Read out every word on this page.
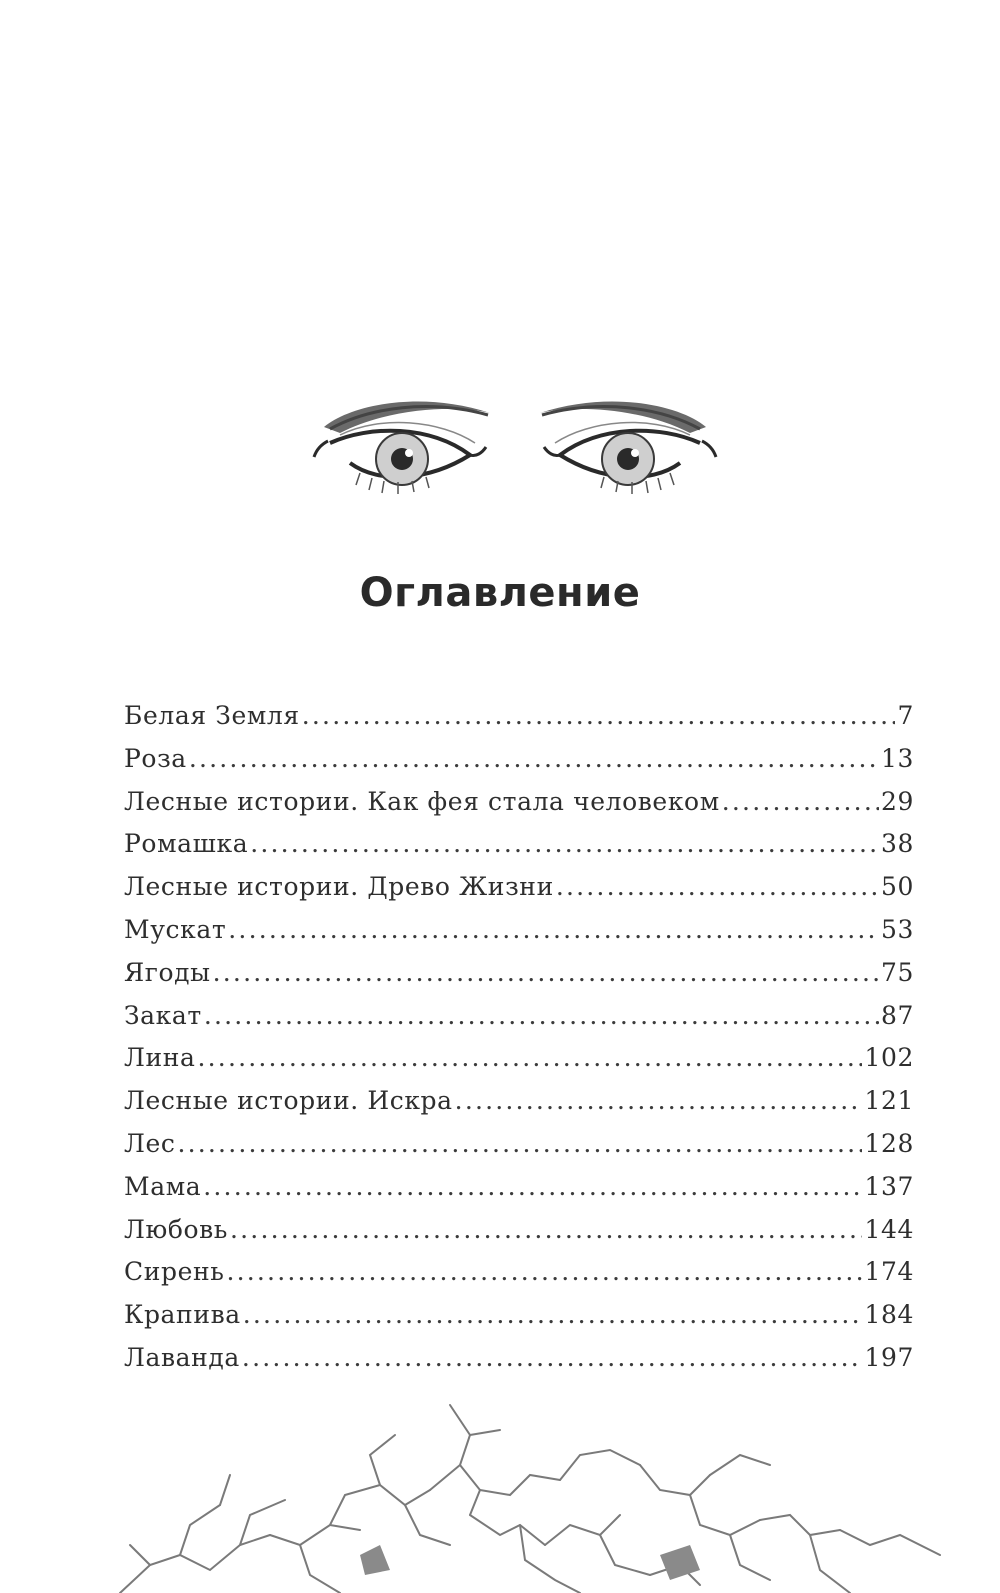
Оглавление
Белая Земля .....	7
Роза .....	13
Лесные истории. Как фея стала человеком .....	29
Ромашка .....	38
Лесные истории. Древо Жизни .....	50
Мускат .....	53
Ягоды .....	75
Закат .....	87
Лина .....	102
Лесные истории. Искра .....	121
Лес .....	128
Мама .....	137
Любовь .....	144
Сирень .....	174
Крапива .....	184
Лаванда .....	197
